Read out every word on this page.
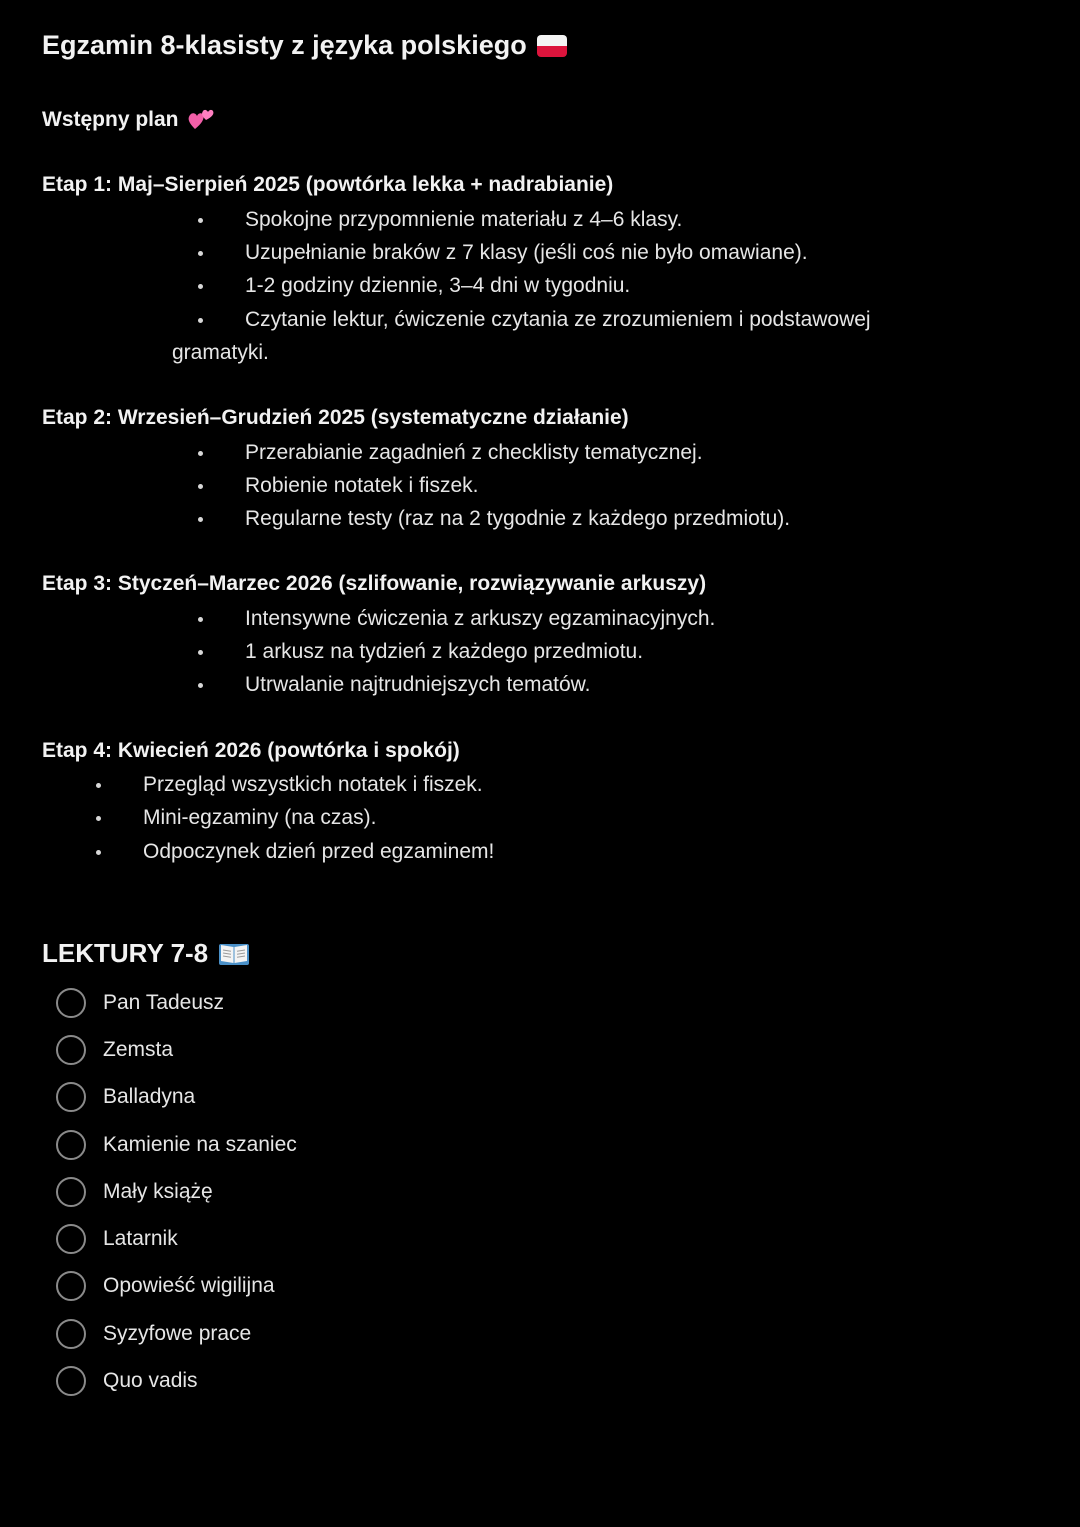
Egzamin 8-klasisty z języka polskiego
Wstępny plan
Etap 1: Maj–Sierpień 2025 (powtórka lekka + nadrabianie)
Spokojne przypomnienie materiału z 4–6 klasy.
Uzupełnianie braków z 7 klasy (jeśli coś nie było omawiane).
1-2 godziny dziennie, 3–4 dni w tygodniu.
Czytanie lektur, ćwiczenie czytania ze zrozumieniem i podstawowej
gramatyki.
Etap 2: Wrzesień–Grudzień 2025 (systematyczne działanie)
Przerabianie zagadnień z checklisty tematycznej.
Robienie notatek i fiszek.
Regularne testy (raz na 2 tygodnie z każdego przedmiotu).
Etap 3: Styczeń–Marzec 2026 (szlifowanie, rozwiązywanie arkuszy)
Intensywne ćwiczenia z arkuszy egzaminacyjnych.
1 arkusz na tydzień z każdego przedmiotu.
Utrwalanie najtrudniejszych tematów.
Etap 4: Kwiecień 2026 (powtórka i spokój)
Przegląd wszystkich notatek i fiszek.
Mini-egzaminy (na czas).
Odpoczynek dzień przed egzaminem!
LEKTURY 7-8
Pan Tadeusz
Zemsta
Balladyna
Kamienie na szaniec
Mały książę
Latarnik
Opowieść wigilijna
Syzyfowe prace
Quo vadis
